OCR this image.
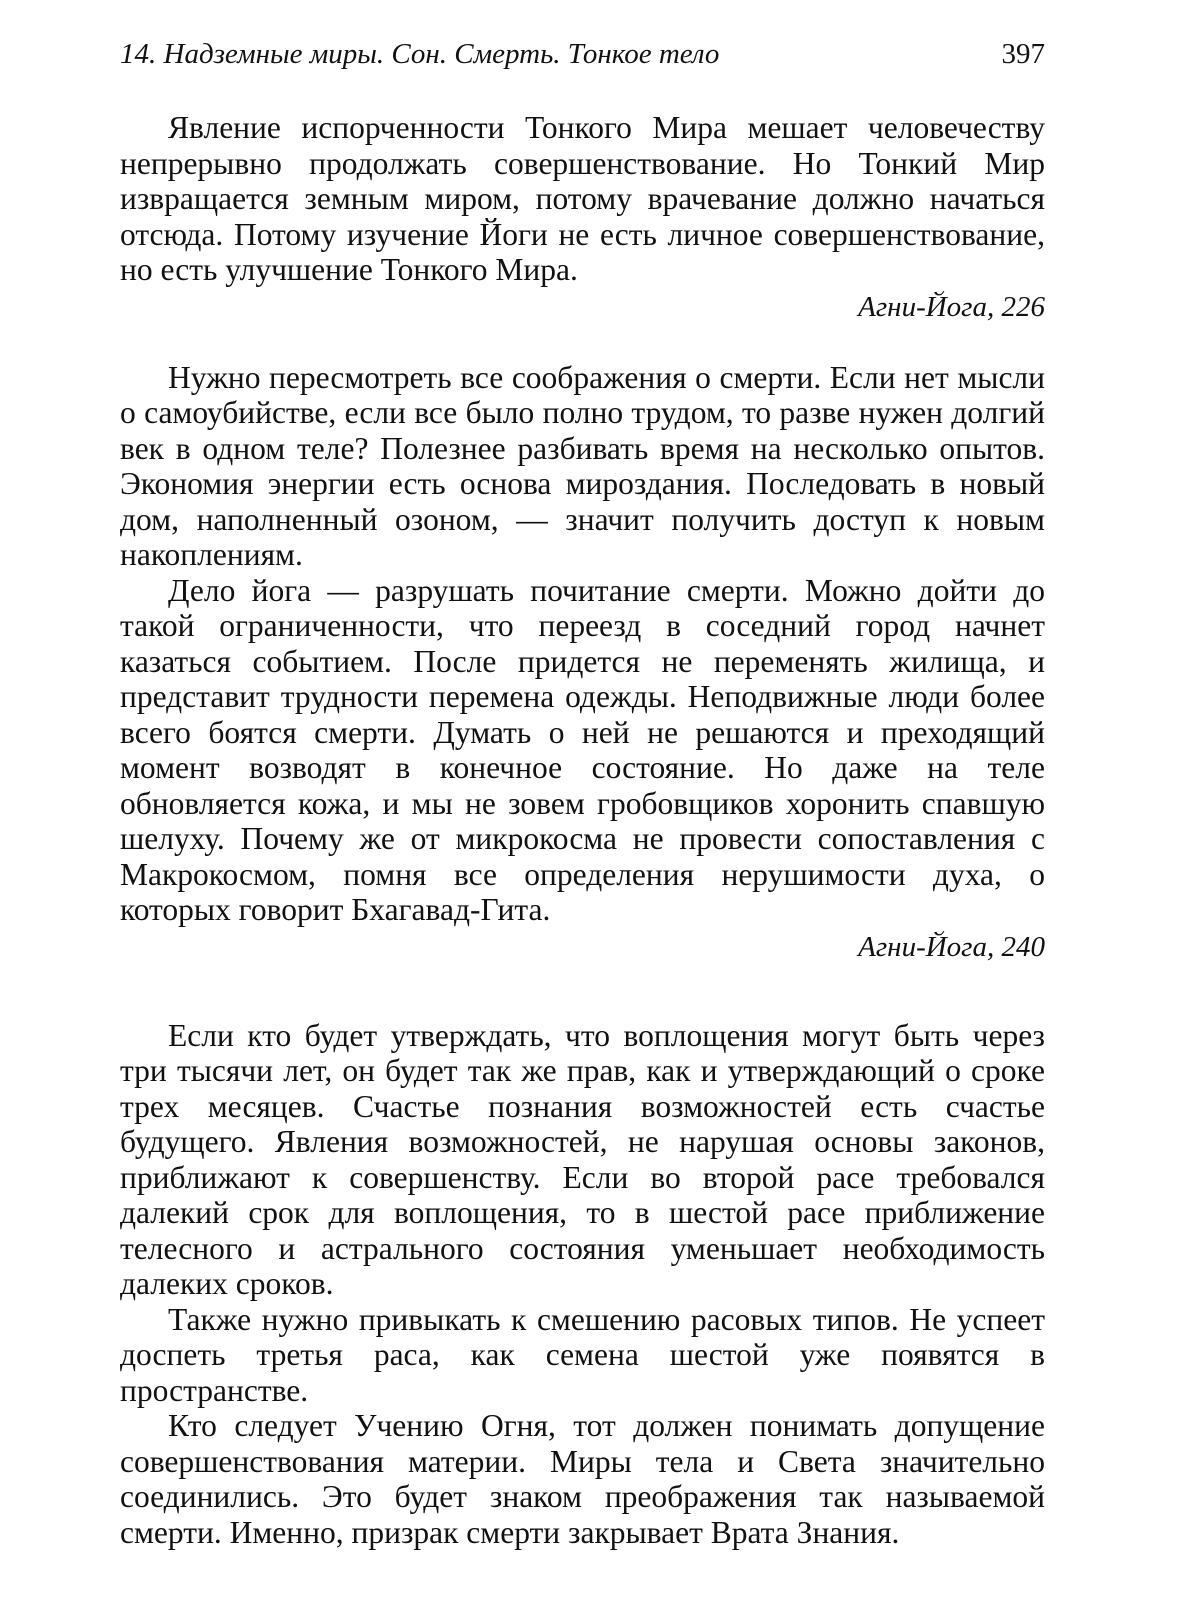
14. Надземные миры. Сон. Смерть. Тонкое тело	397

Явление испорченности Тонкого Мира мешает человечеству непрерывно продолжать совершенствование. Но Тонкий Мир извращается земным миром, потому врачевание должно начаться отсюда. Потому изучение Йоги не есть личное совершенствование, но есть улучшение Тонкого Мира.

Агни-Йога, 226

Нужно пересмотреть все соображения о смерти. Если нет мысли о самоубийстве, если все было полно трудом, то разве нужен долгий век в одном теле? Полезнее разбивать время на несколько опытов. Экономия энергии есть основа мироздания. Последовать в новый дом, наполненный озоном, — значит получить доступ к новым накоплениям.

Дело йога — разрушать почитание смерти. Можно дойти до такой ограниченности, что переезд в соседний город начнет казаться событием. После придется не переменять жилища, и представит трудности перемена одежды. Неподвижные люди более всего боятся смерти. Думать о ней не решаются и преходящий момент возводят в конечное состояние. Но даже на теле обновляется кожа, и мы не зовем гробовщиков хоронить спавшую шелуху. Почему же от микрокосма не провести сопоставления с Макрокосмом, помня все определения нерушимости духа, о которых говорит Бхагавад-Гита.

Агни-Йога, 240

Если кто будет утверждать, что воплощения могут быть через три тысячи лет, он будет так же прав, как и утверждающий о сроке трех месяцев. Счастье познания возможностей есть счастье будущего. Явления возможностей, не нарушая основы законов, приближают к совершенству. Если во второй расе требовался далекий срок для воплощения, то в шестой расе приближение телесного и астрального состояния уменьшает необходимость далеких сроков.

Также нужно привыкать к смешению расовых типов. Не успеет доспеть третья раса, как семена шестой уже появятся в пространстве.

Кто следует Учению Огня, тот должен понимать допущение совершенствования материи. Миры тела и Света значительно соединились. Это будет знаком преображения так называемой смерти. Именно, призрак смерти закрывает Врата Знания.
